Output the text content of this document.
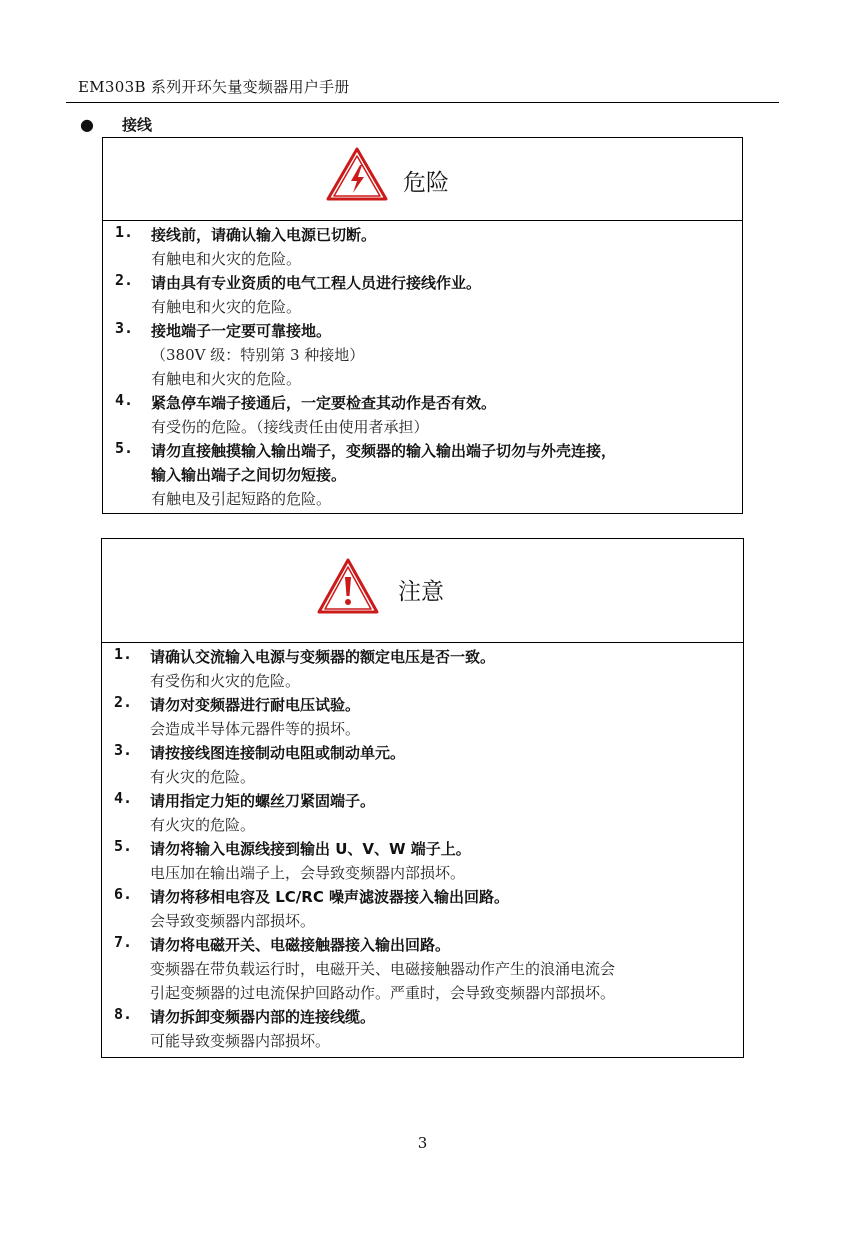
EM303B 系列开环矢量变频器用户手册
● 接线
危险
1. 接线前，请确认输入电源已切断。
有触电和火灾的危险。
2. 请由具有专业资质的电气工程人员进行接线作业。
有触电和火灾的危险。
3. 接地端子一定要可靠接地。
（380V 级：特别第 3 种接地）
有触电和火灾的危险。
4. 紧急停车端子接通后，一定要检查其动作是否有效。
有受伤的危险。（接线责任由使用者承担）
5. 请勿直接触摸输入输出端子，变频器的输入输出端子切勿与外壳连接，
输入输出端子之间切勿短接。
有触电及引起短路的危险。
注意
1. 请确认交流输入电源与变频器的额定电压是否一致。
有受伤和火灾的危险。
2. 请勿对变频器进行耐电压试验。
会造成半导体元器件等的损坏。
3. 请按接线图连接制动电阻或制动单元。
有火灾的危险。
4. 请用指定力矩的螺丝刀紧固端子。
有火灾的危险。
5. 请勿将输入电源线接到输出 U、V、W 端子上。
电压加在输出端子上，会导致变频器内部损坏。
6. 请勿将移相电容及 LC/RC 噪声滤波器接入输出回路。
会导致变频器内部损坏。
7. 请勿将电磁开关、电磁接触器接入输出回路。
变频器在带负载运行时，电磁开关、电磁接触器动作产生的浪涌电流会
引起变频器的过电流保护回路动作。严重时，会导致变频器内部损坏。
8. 请勿拆卸变频器内部的连接线缆。
可能导致变频器内部损坏。
3
